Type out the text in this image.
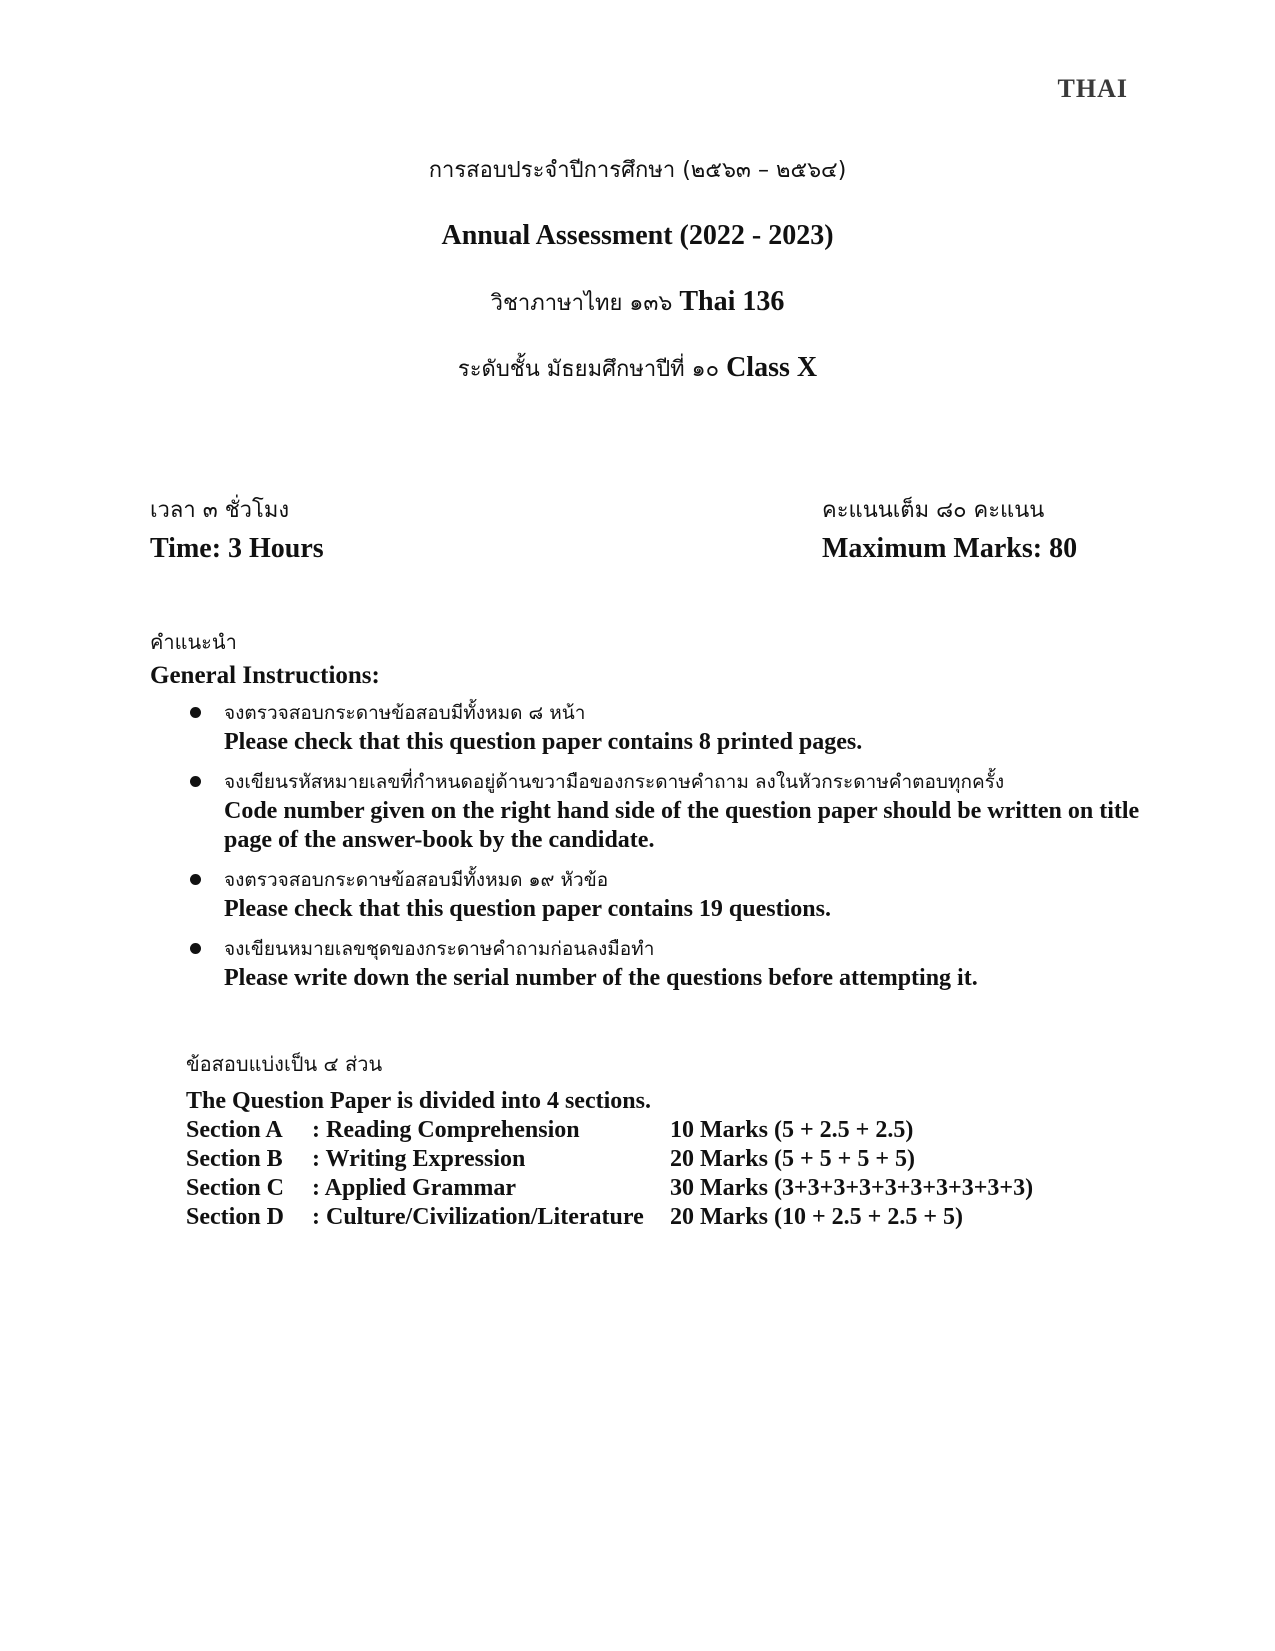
THAI
การสอบประจำปีการศึกษา (๒๕๖๓ – ๒๕๖๔)
Annual Assessment (2022 - 2023)
วิชาภาษาไทย ๑๓๖ Thai 136
ระดับชั้น มัธยมศึกษาปีที่ ๑๐ Class X
เวลา ๓ ชั่วโมง
Time: 3 Hours
คะแนนเต็ม ๘๐ คะแนน
Maximum Marks: 80
คำแนะนำ
General Instructions:
จงตรวจสอบกระดาษข้อสอบมีทั้งหมด ๘ หน้า
Please check that this question paper contains 8 printed pages.
จงเขียนรหัสหมายเลขที่กำหนดอยู่ด้านขวามือของกระดาษคำถาม ลงในหัวกระดาษคำตอบทุกครั้ง
Code number given on the right hand side of the question paper should be written on title page of the answer-book by the candidate.
จงตรวจสอบกระดาษข้อสอบมีทั้งหมด ๑๙ หัวข้อ
Please check that this question paper contains 19 questions.
จงเขียนหมายเลขชุดของกระดาษคำถามก่อนลงมือทำ
Please write down the serial number of the questions before attempting it.
ข้อสอบแบ่งเป็น ๔ ส่วน
The Question Paper is divided into 4 sections.
Section A	: Reading Comprehension	10 Marks (5 + 2.5 + 2.5)
Section B	: Writing Expression	20 Marks (5 + 5 + 5 + 5)
Section C	: Applied Grammar	30 Marks (3+3+3+3+3+3+3+3+3+3)
Section D	: Culture/Civilization/Literature	20 Marks (10 + 2.5 + 2.5 + 5)
